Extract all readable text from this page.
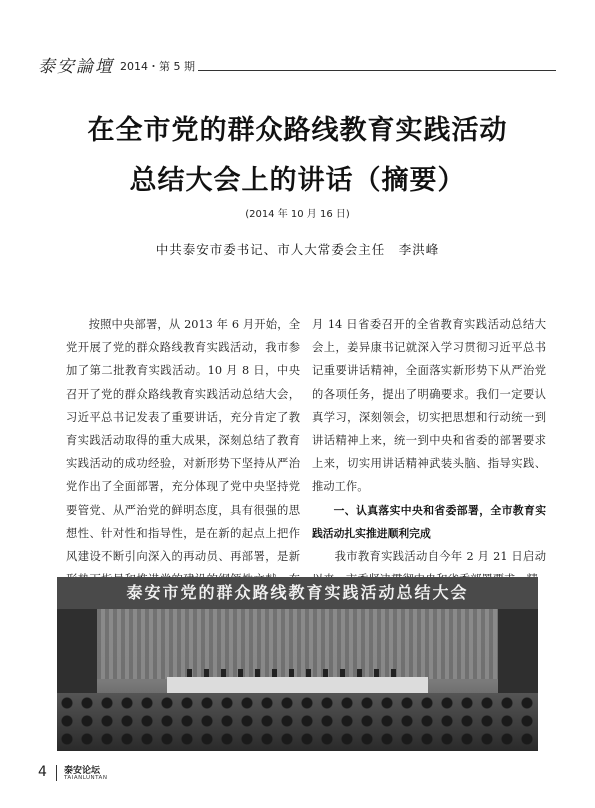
泰安論壇 2014・第 5 期
在全市党的群众路线教育实践活动
总结大会上的讲话（摘要）
(2014 年 10 月 16 日)
中共泰安市委书记、市人大常委会主任　李洪峰

按照中央部署，从 2013 年 6 月开始，全党开展了党的群众路线教育实践活动，我市参加了第二批教育实践活动。10 月 8 日，中央召开了党的群众路线教育实践活动总结大会，习近平总书记发表了重要讲话，充分肯定了教育实践活动取得的重大成果，深刻总结了教育实践活动的成功经验，对新形势下坚持从严治党作出了全面部署，充分体现了党中央坚持党要管党、从严治党的鲜明态度，具有很强的思想性、针对性和指导性，是在新的起点上把作风建设不断引向深入的再动员、再部署，是新

月 14 日省委召开的全省教育实践活动总结大会上，姜异康书记就深入学习贯彻习近平总书记重要讲话精神，全面落实新形势下从严治党的各项任务，提出了明确要求。我们一定要认真学习，深刻领会，切实把思想和行动统一到讲话精神上来，统一到中央和省委的部署要求上来，切实用讲话精神武装头脑、指导实践、推动工作。

一、认真落实中央和省委部署，全市教育实践活动扎实推进顺利完成

我市教育实践活动自今年 2 月 21 日启动

泰安市党的群众路线教育实践活动总结大会
4 泰安论坛
TAIANLUNTAN
